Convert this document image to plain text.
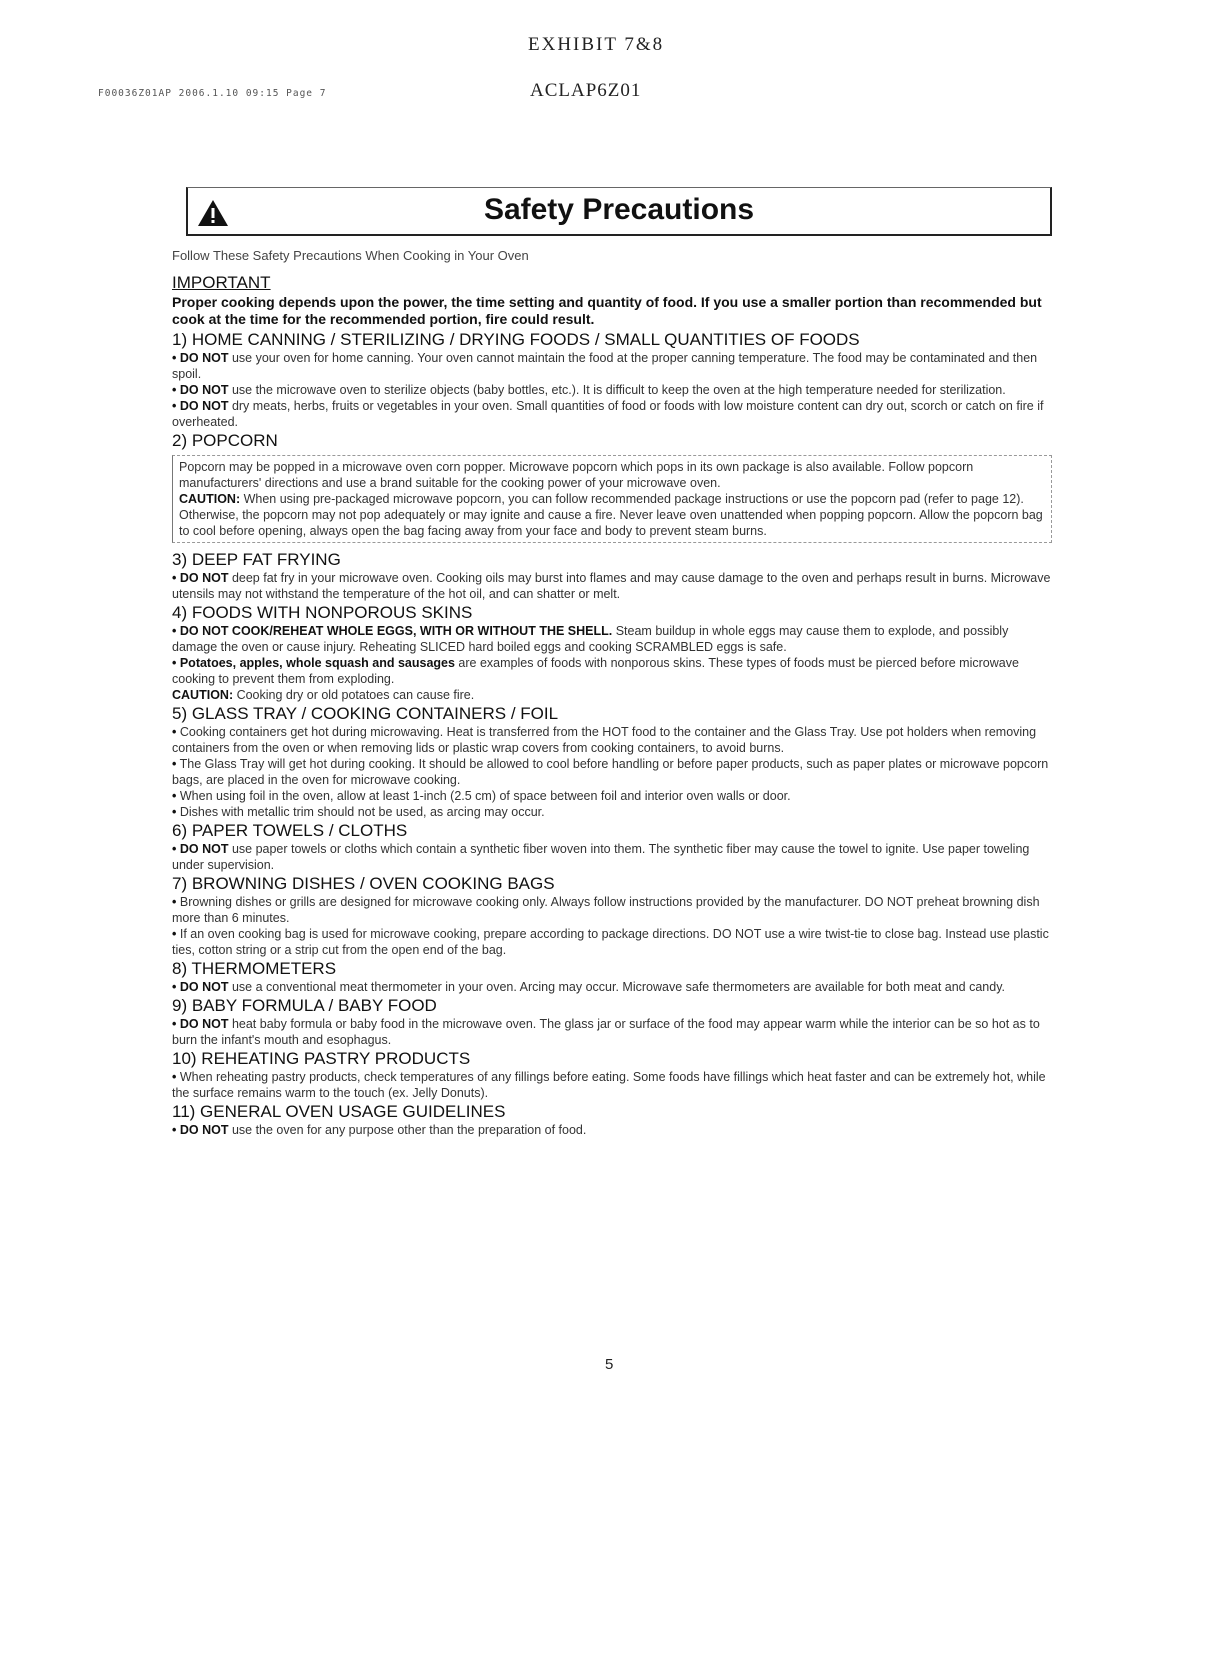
EXHIBIT 7&8
ACLAP6Z01
F00036Z01AP 2006.1.10 09:15 Page 7
Safety Precautions
Follow These Safety Precautions When Cooking in Your Oven
IMPORTANT
Proper cooking depends upon the power, the time setting and quantity of food. If you use a smaller portion than recommended but cook at the time for the recommended portion, fire could result.
1) HOME CANNING / STERILIZING / DRYING FOODS / SMALL QUANTITIES OF FOODS

• DO NOT use your oven for home canning. Your oven cannot maintain the food at the proper canning temperature. The food may be contaminated and then spoil.

• DO NOT use the microwave oven to sterilize objects (baby bottles, etc.). It is difficult to keep the oven at the high temperature needed for sterilization.

• DO NOT dry meats, herbs, fruits or vegetables in your oven. Small quantities of food or foods with low moisture content can dry out, scorch or catch on fire if overheated.

2) POPCORN

Popcorn may be popped in a microwave oven corn popper. Microwave popcorn which pops in its own package is also available. Follow popcorn manufacturers' directions and use a brand suitable for the cooking power of your microwave oven.

CAUTION: When using pre-packaged microwave popcorn, you can follow recommended package instructions or use the popcorn pad (refer to page 12). Otherwise, the popcorn may not pop adequately or may ignite and cause a fire. Never leave oven unattended when popping popcorn. Allow the popcorn bag to cool before opening, always open the bag facing away from your face and body to prevent steam burns.

3) DEEP FAT FRYING

• DO NOT deep fat fry in your microwave oven. Cooking oils may burst into flames and may cause damage to the oven and perhaps result in burns. Microwave utensils may not withstand the temperature of the hot oil, and can shatter or melt.

4) FOODS WITH NONPOROUS SKINS

• DO NOT COOK/REHEAT WHOLE EGGS, WITH OR WITHOUT THE SHELL. Steam buildup in whole eggs may cause them to explode, and possibly damage the oven or cause injury. Reheating SLICED hard boiled eggs and cooking SCRAMBLED eggs is safe.

• Potatoes, apples, whole squash and sausages are examples of foods with nonporous skins. These types of foods must be pierced before microwave cooking to prevent them from exploding.

CAUTION: Cooking dry or old potatoes can cause fire.

5) GLASS TRAY / COOKING CONTAINERS / FOIL

• Cooking containers get hot during microwaving. Heat is transferred from the HOT food to the container and the Glass Tray. Use pot holders when removing containers from the oven or when removing lids or plastic wrap covers from cooking containers, to avoid burns.

• The Glass Tray will get hot during cooking. It should be allowed to cool before handling or before paper products, such as paper plates or microwave popcorn bags, are placed in the oven for microwave cooking.

• When using foil in the oven, allow at least 1-inch (2.5 cm) of space between foil and interior oven walls or door.

• Dishes with metallic trim should not be used, as arcing may occur.

6) PAPER TOWELS / CLOTHS

• DO NOT use paper towels or cloths which contain a synthetic fiber woven into them. The synthetic fiber may cause the towel to ignite. Use paper toweling under supervision.

7) BROWNING DISHES / OVEN COOKING BAGS

• Browning dishes or grills are designed for microwave cooking only. Always follow instructions provided by the manufacturer. DO NOT preheat browning dish more than 6 minutes.

• If an oven cooking bag is used for microwave cooking, prepare according to package directions. DO NOT use a wire twist-tie to close bag. Instead use plastic ties, cotton string or a strip cut from the open end of the bag.

8) THERMOMETERS

• DO NOT use a conventional meat thermometer in your oven. Arcing may occur. Microwave safe thermometers are available for both meat and candy.

9) BABY FORMULA / BABY FOOD

• DO NOT heat baby formula or baby food in the microwave oven. The glass jar or surface of the food may appear warm while the interior can be so hot as to burn the infant's mouth and esophagus.

10) REHEATING PASTRY PRODUCTS

• When reheating pastry products, check temperatures of any fillings before eating. Some foods have fillings which heat faster and can be extremely hot, while the surface remains warm to the touch (ex. Jelly Donuts).

11) GENERAL OVEN USAGE GUIDELINES

• DO NOT use the oven for any purpose other than the preparation of food.

5
